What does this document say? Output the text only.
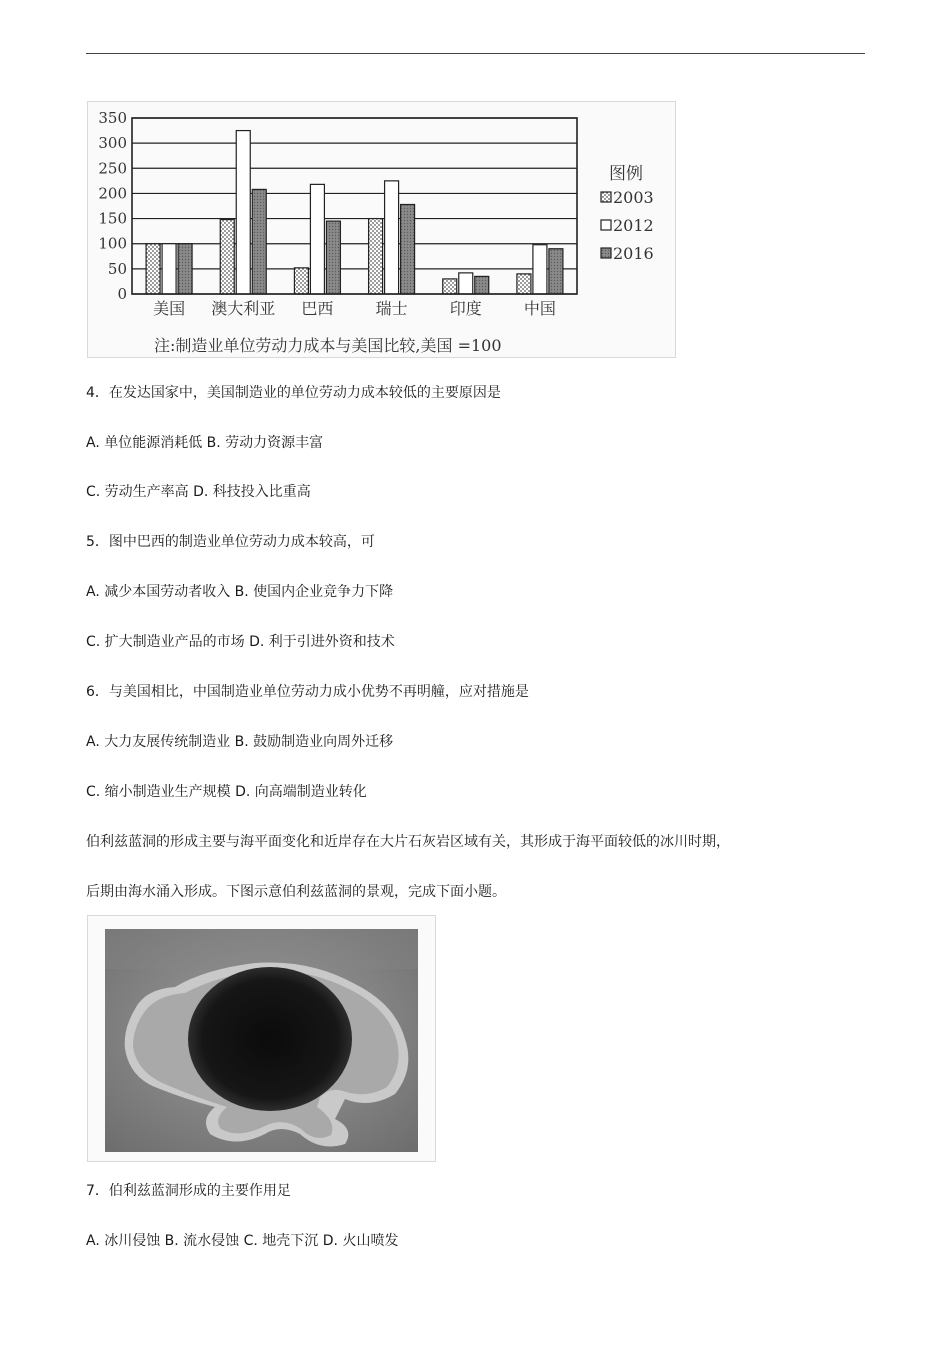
0
50
100
150
200
250
300
350
美国 澳大利亚 巴西	瑞士	印度	中国
图例
2003
2012
2016
注:制造业单位劳动力成本与美国比较,美国 =100
4．在发达国家中，美国制造业的单位劳动力成本较低的主要原因是
A. 单位能源消耗低 B. 劳动力资源丰富
C. 劳动生产率高 D. 科技投入比重高
5．图中巴西的制造业单位劳动力成本较高，可
A. 减少本国劳动者收入 B. 使国内企业竞争力下降
C. 扩大制造业产品的市场 D. 利于引进外资和技术
6．与美国相比，中国制造业单位劳动力成小优势不再明艟，应对措施是
A. 大力友展传统制造业 B. 鼓励制造业向周外迁移
C. 缩小制造业生产规模 D. 向高端制造业转化
伯利兹蓝洞的形成主要与海平面变化和近岸存在大片石灰岩区域有关，其形成于海平面较低的冰川时期，
后期由海水涌入形成。下图示意伯利兹蓝洞的景观，完成下面小题。
7．伯利兹蓝洞形成的主要作用足
A. 冰川侵蚀 B. 流水侵蚀 C. 地壳下沉 D. 火山喷发
